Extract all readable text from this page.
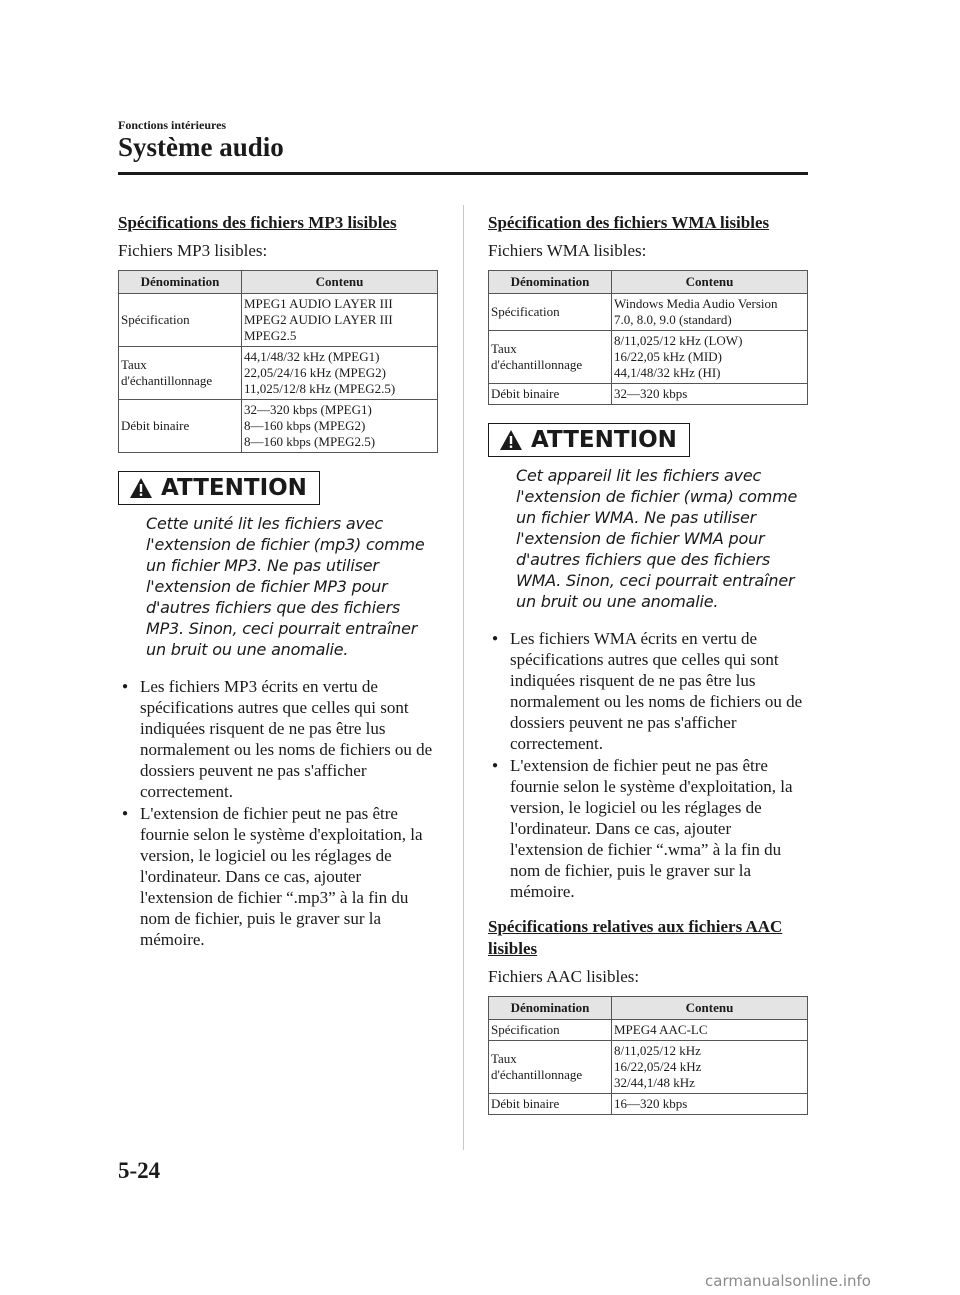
Fonctions intérieures
Système audio
Spécifications des fichiers MP3 lisibles
Fichiers MP3 lisibles:
Dénomination	Contenu
Spécification	MPEG1 AUDIO LAYER III
MPEG2 AUDIO LAYER III
MPEG2.5

Taux d'échantillonnage	44,1/48/32 kHz (MPEG1)
22,05/24/16 kHz (MPEG2)
11,025/12/8 kHz (MPEG2.5)

Débit binaire	32―320 kbps (MPEG1)
8―160 kbps (MPEG2)
8―160 kbps (MPEG2.5)
ATTENTION
Cette unité lit les fichiers avec l'extension de fichier (mp3) comme un fichier MP3. Ne pas utiliser l'extension de fichier MP3 pour d'autres fichiers que des fichiers MP3. Sinon, ceci pourrait entraîner un bruit ou une anomalie.
● Les fichiers MP3 écrits en vertu de spécifications autres que celles qui sont indiquées risquent de ne pas être lus normalement ou les noms de fichiers ou de dossiers peuvent ne pas s'afficher correctement.
● L'extension de fichier peut ne pas être fournie selon le système d'exploitation, la version, le logiciel ou les réglages de l'ordinateur. Dans ce cas, ajouter l'extension de fichier “.mp3” à la fin du nom de fichier, puis le graver sur la mémoire.
Spécification des fichiers WMA lisibles
Fichiers WMA lisibles:
Dénomination	Contenu
Spécification	Windows Media Audio Version
7.0, 8.0, 9.0 (standard)

Taux d'échantillonnage	8/11,025/12 kHz (LOW)
16/22,05 kHz (MID)
44,1/48/32 kHz (HI)

Débit binaire	32―320 kbps
ATTENTION
Cet appareil lit les fichiers avec l'extension de fichier (wma) comme un fichier WMA. Ne pas utiliser l'extension de fichier WMA pour d'autres fichiers que des fichiers WMA. Sinon, ceci pourrait entraîner un bruit ou une anomalie.
● Les fichiers WMA écrits en vertu de spécifications autres que celles qui sont indiquées risquent de ne pas être lus normalement ou les noms de fichiers ou de dossiers peuvent ne pas s'afficher correctement.
● L'extension de fichier peut ne pas être fournie selon le système d'exploitation, la version, le logiciel ou les réglages de l'ordinateur. Dans ce cas, ajouter l'extension de fichier “.wma” à la fin du nom de fichier, puis le graver sur la mémoire.
Spécifications relatives aux fichiers AAC lisibles
Fichiers AAC lisibles:
Dénomination	Contenu
Spécification	MPEG4 AAC-LC

Taux d'échantillonnage	8/11,025/12 kHz
16/22,05/24 kHz
32/44,1/48 kHz

Débit binaire	16―320 kbps
5-24
carmanualsonline.info
